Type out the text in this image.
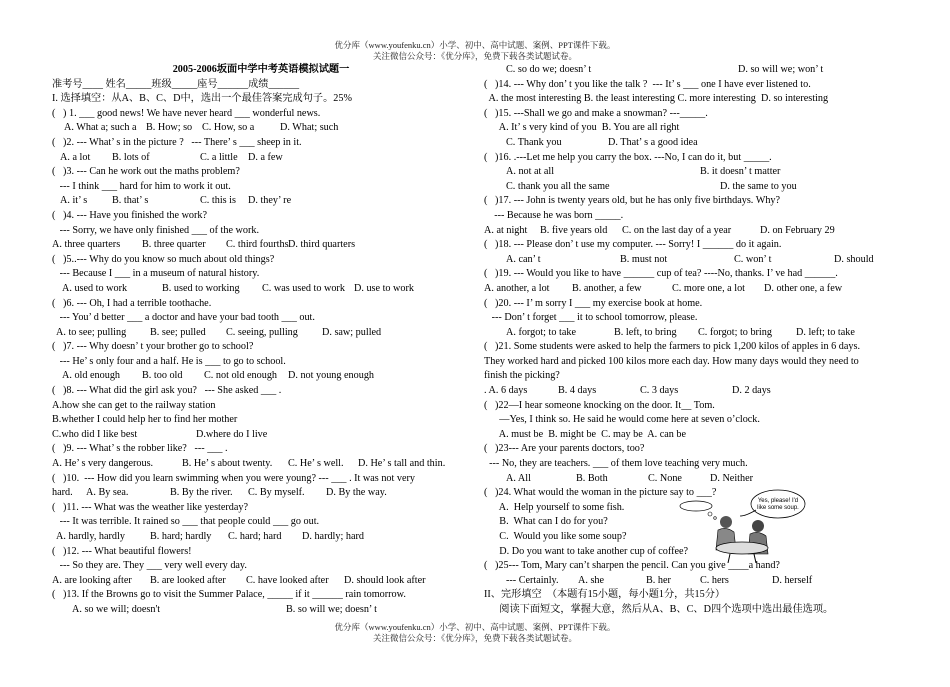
优分库（www.youfenku.cn）小学、初中、高中试题、案例、PPT课件下载。
关注微信公众号：《优分库》，免费下载各类试题试卷。
2005-2006坂面中学中考英语模拟试题一
准考号____ 姓名_____班级_____座号______成绩______
I. 选择填空：从A、B、C、D中，选出一个最佳答案完成句子。25%
(   ) 1. ___ good news! We have never heard ___ wonderful news.
A. What a; such a B. How; so C. How, so a	D. What; such
(   )2. --- What’ s in the picture ?   --- There’ s ___ sheep in it.
A. a lot B. lots of	C. a little D. a few
(   )3. --- Can he work out the maths problem?
--- I think ___ hard for him to work it out.
A. it’ s B. that’ s	C. this is D. they’ re
(   )4. --- Have you finished the work?
--- Sorry, we have only finished ___ of the work.
A. three quarters B. three quarter C. third fourths D. third quarters
(   )5..--- Why do you know so much about old things?
--- Because I ___ in a museum of natural history.
A. used to work	B. used to working C. was used to work D. use to work
(   )6. --- Oh, I had a terrible toothache.
--- You’ d better ___ a doctor and have your bad tooth ___ out.
A. to see; pulling B. see; pulled C. seeing, pulling D. saw; pulled
(   )7. --- Why doesn’ t your brother go to school?
--- He’ s only four and a half. He is ___ to go to school.
A. old enough B. too old C. not old enough D. not young enough
(   )8. --- What did the girl ask you?   --- She asked ___ .
A.how she can get to the railway station
B.whether I could help her to find her mother
C.who did I like best	D.where do I live
(   )9. --- What’ s the robber like?   --- ___ .
A. He’ s very dangerous.	B. He’ s about twenty. C. He’ s well. D. He’ s tall and thin.
(   )10.  --- How did you learn swimming when you were young? --- ___ . It was not very
hard. A. By sea.	B. By the river. C. By myself. D. By the way.
(   )11. --- What was the weather like yesterday?
--- It was terrible. It rained so ___ that people could ___ go out.
A. hardly, hardly B. hard; hardly C. hard; hard D. hardly; hard
(   )12. --- What beautiful flowers!
--- So they are. They ___ very well every day.
A. are looking after B. are looked after C. have looked after D. should look after
(   )13. If the Browns go to visit the Summer Palace, _____ if it ______ rain tomorrow.
A. so we will; doesn't	B. so will we; doesn’ t
C. so do we; doesn’ t	D. so will we; won’ t
(   )14. --- Why don’ t you like the talk ?  --- It’ s ___ one I have ever listened to.
A. the most interesting B. the least interesting C. more interesting  D. so interesting
(   )15. ---Shall we go and make a snowman? ---_____.
A. It’ s very kind of you  B. You are all right
C. Thank you	D. That’ s a good idea
(   )16. .---Let me help you carry the box. ---No, I can do it, but _____.
A. not at all	B. it doesn’ t matter
C. thank you all the same	D. the same to you
(   )17. --- John is twenty years old, but he has only five birthdays. Why?
--- Because he was born _____.
A. at night B. five years old C. on the last day of a year	D. on February 29
(   )18. --- Please don’ t use my computer. --- Sorry! I ______ do it again.
A. can’ t	B. must not	C. won’ t	D. should
(   )19. --- Would you like to have ______ cup of tea? ----No, thanks. I’ ve had ______.
A. another, a lot B. another, a few	C. more one, a lot D. other one, a few
(   )20. --- I’ m sorry I ___ my exercise book at home.
--- Don’ t forget ___ it to school tomorrow, please.
A. forgot; to take	B. left, to bring C. forgot; to bring D. left; to take
(   )21. Some students were asked to help the farmers to pick 1,200 kilos of apples in 6 days.
They worked hard and picked 100 kilos more each day. How many days would they need to
finish the picking?
. A. 6 days	B. 4 days	C. 3 days	D. 2 days
(   )22—I hear someone knocking on the door. It__ Tom.
—Yes, I think so. He said he would come here at seven o’clock.
A. must be  B. might be  C. may be  A. can be
(   )23--- Are your parents doctors, too?
--- No, they are teachers. ___ of them love teaching very much.
A. All	B. Both	C. None	D. Neither
(   )24. What would the woman in the picture say to ___?
A.  Help yourself to some fish.
B.  What can I do for you?
C.  Would you like some soup?
D. Do you want to take another cup of coffee?
(   )25--- Tom, Mary can’t sharpen the pencil. Can you give ____a hand?
--- Certainly. A. she	B. her	C. hers	D. herself
II、完形填空  （本题有15小题，每小题1分，共15分）
阅读下面短文，掌握大意，然后从A、B、C、D四个选项中选出最佳选项。
Yes, please! I'd
like some soup.
优分库（www.youfenku.cn）小学、初中、高中试题、案例、PPT课件下载。
关注微信公众号：《优分库》，免费下载各类试题试卷。
